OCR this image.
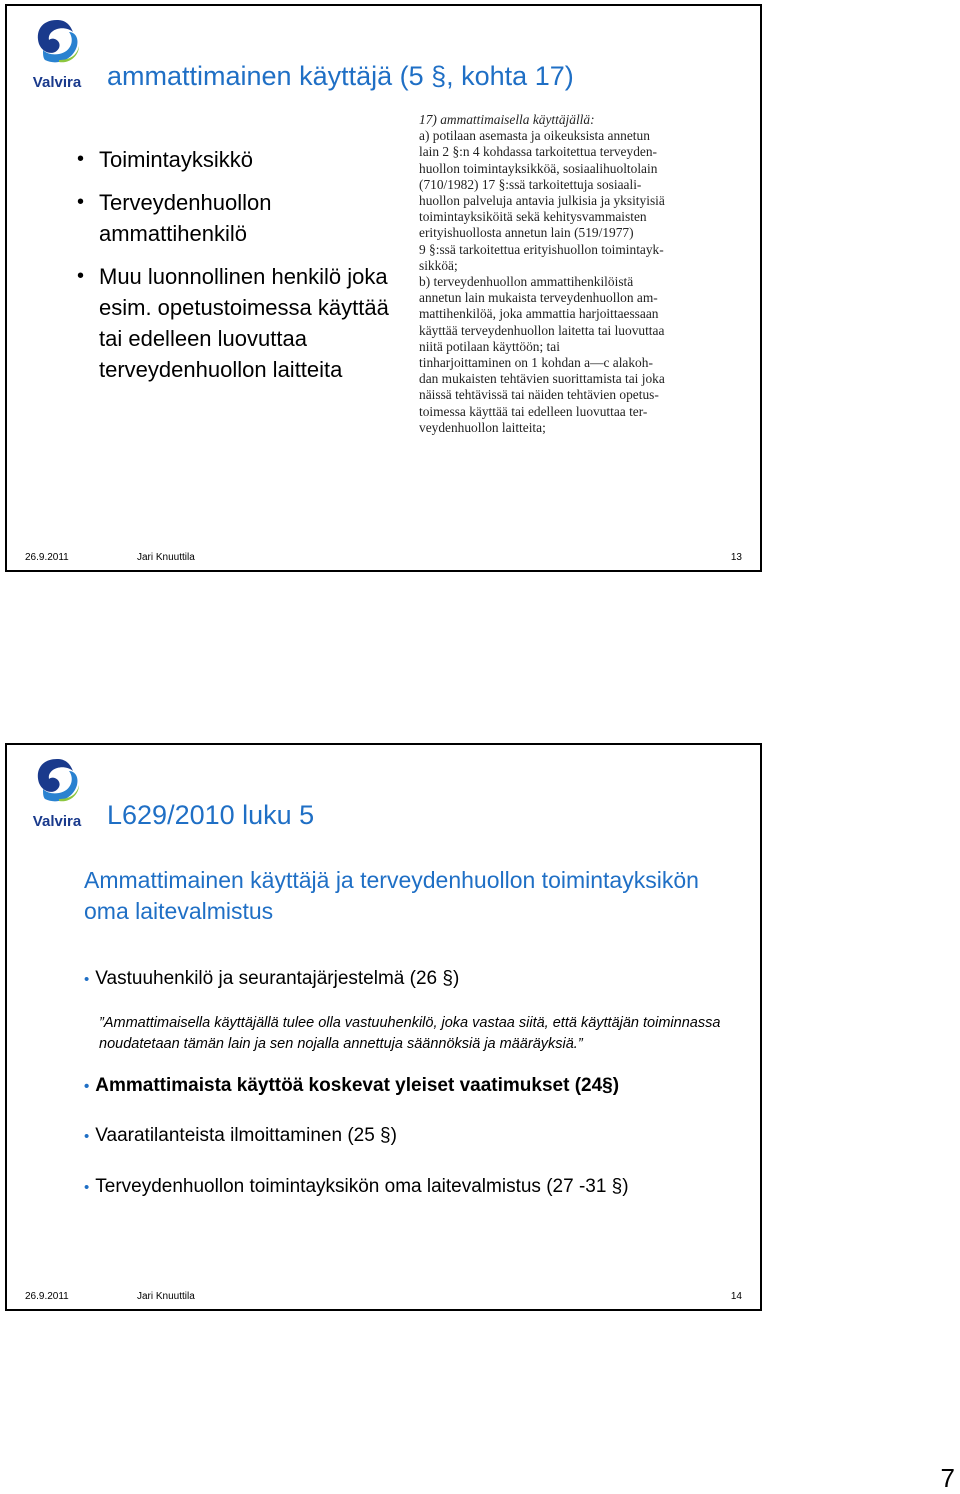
Valvira ammattimainen käyttäjä (5 §, kohta 17)
• Toimintayksikkö
• Terveydenhuollon ammattihenkilö
• Muu luonnollinen henkilö joka esim. opetustoimessa käyttää tai edelleen luovuttaa terveydenhuollon laitteita

17) ammattimaisella käyttäjällä:

a) potilaan asemasta ja oikeuksista annetun

lain 2 §:n 4 kohdassa tarkoitettua terveyden-

huollon toimintayksikköä, sosiaalihuoltolain

(710/1982) 17 §:ssä tarkoitettuja sosiaali-

huollon palveluja antavia julkisia ja yksityisiä

toimintayksiköitä sekä kehitysvammaisten

erityishuollosta annetun lain (519/1977)

9 §:ssä tarkoitettua erityishuollon toimintayk-

sikköä;

b) terveydenhuollon ammattihenkilöistä

annetun lain mukaista terveydenhuollon am-

mattihenkilöä, joka ammattia harjoittaessaan

käyttää terveydenhuollon laitetta tai luovuttaa

niitä potilaan käyttöön; tai

tinharjoittaminen on 1 kohdan a—c alakoh-

dan mukaisten tehtävien suorittamista tai joka

näissä tehtävissä tai näiden tehtävien opetus-

toimessa käyttää tai edelleen luovuttaa ter-

veydenhuollon laitteita;

26.9.2011	Jari Knuuttila	13
Valvira L629/2010 luku 5
Ammattimainen käyttäjä ja terveydenhuollon toimintayksikön oma laitevalmistus
• Vastuuhenkilö ja seurantajärjestelmä (26 §)
”Ammattimaisella käyttäjällä tulee olla vastuuhenkilö, joka vastaa siitä, että käyttäjän toiminnassa noudatetaan tämän lain ja sen nojalla annettuja säännöksiä ja määräyksiä.”
• Ammattimaista käyttöä koskevat yleiset vaatimukset (24§)
• Vaaratilanteista ilmoittaminen (25 §)
• Terveydenhuollon toimintayksikön oma laitevalmistus (27 -31 §)
26.9.2011	Jari Knuuttila	14
7
